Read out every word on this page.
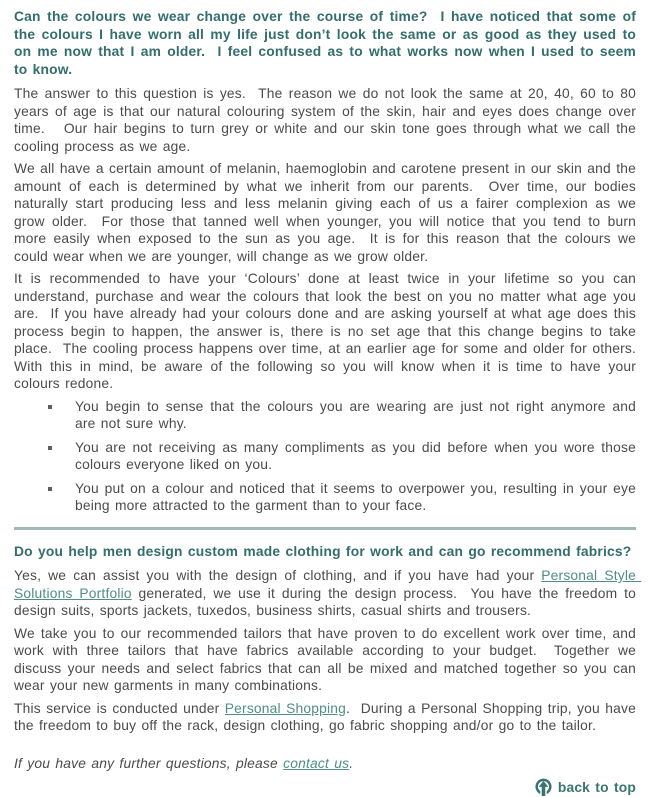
Can the colours we wear change over the course of time?  I have noticed that some of the colours I have worn all my life just don’t look the same or as good as they used to on me now that I am older.  I feel confused as to what works now when I used to seem to know.

The answer to this question is yes.  The reason we do not look the same at 20, 40, 60 to 80 years of age is that our natural colouring system of the skin, hair and eyes does change over time.   Our hair begins to turn grey or white and our skin tone goes through what we call the cooling process as we age.

We all have a certain amount of melanin, haemoglobin and carotene present in our skin and the amount of each is determined by what we inherit from our parents.  Over time, our bodies naturally start producing less and less melanin giving each of us a fairer complexion as we grow older.  For those that tanned well when younger, you will notice that you tend to burn more easily when exposed to the sun as you age.  It is for this reason that the colours we could wear when we are younger, will change as we grow older.

It is recommended to have your ‘Colours’ done at least twice in your lifetime so you can understand, purchase and wear the colours that look the best on you no matter what age you are.  If you have already had your colours done and are asking yourself at what age does this process begin to happen, the answer is, there is no set age that this change begins to take place.  The cooling process happens over time, at an earlier age for some and older for others.  With this in mind, be aware of the following so you will know when it is time to have your colours redone.

You begin to sense that the colours you are wearing are just not right anymore and are not sure why.
You are not receiving as many compliments as you did before when you wore those colours everyone liked on you.
You put on a colour and noticed that it seems to overpower you, resulting in your eye being more attracted to the garment than to your face.
Do you help men design custom made clothing for work and can go recommend fabrics?

Yes, we can assist you with the design of clothing, and if you have had your Personal Style Solutions Portfolio generated, we use it during the design process.  You have the freedom to design suits, sports jackets, tuxedos, business shirts, casual shirts and trousers.

We take you to our recommended tailors that have proven to do excellent work over time, and work with three tailors that have fabrics available according to your budget.  Together we discuss your needs and select fabrics that can all be mixed and matched together so you can wear your new garments in many combinations.

This service is conducted under Personal Shopping.  During a Personal Shopping trip, you have the freedom to buy off the rack, design clothing, go fabric shopping and/or go to the tailor.

If you have any further questions, please contact us.

back to top
